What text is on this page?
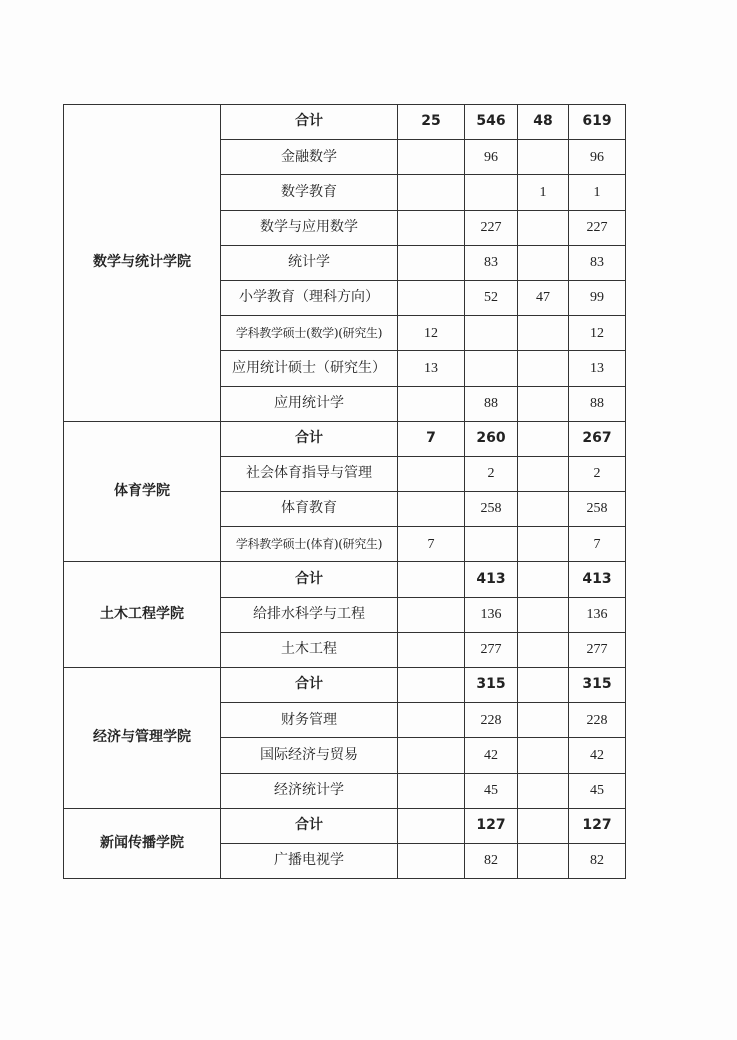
数学与统计学院	合计	25	546	48	619
	金融数学		96		96
	数学教育			1	1
	数学与应用数学		227		227
	统计学		83		83
	小学教育（理科方向）		52	47	99
	学科教学硕士(数学)(研究生)	12			12
	应用统计硕士（研究生）	13			13
	应用统计学		88		88
体育学院	合计	7	260		267
	社会体育指导与管理		2		2
	体育教育		258		258
	学科教学硕士(体育)(研究生)	7			7
土木工程学院	合计		413		413
	给排水科学与工程		136		136
	土木工程		277		277
经济与管理学院	合计		315		315
	财务管理		228		228
	国际经济与贸易		42		42
	经济统计学		45		45
新闻传播学院	合计		127		127
	广播电视学		82		82
